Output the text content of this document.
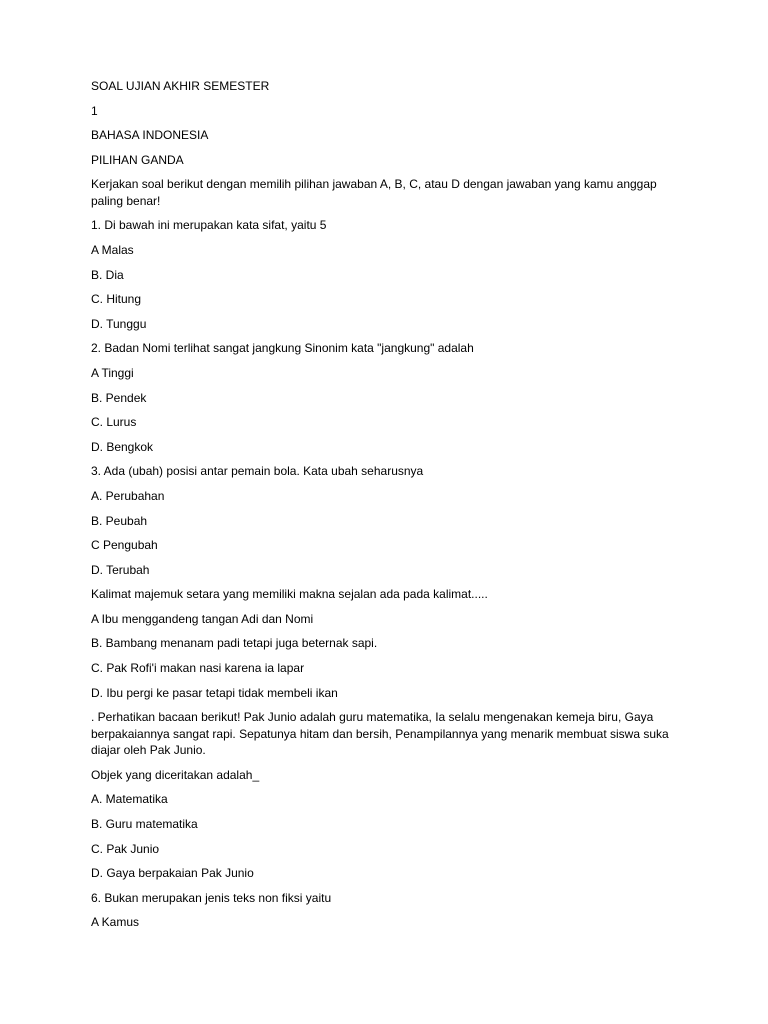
SOAL UJIAN AKHIR SEMESTER
1
BAHASA INDONESIA
PILIHAN GANDA
Kerjakan soal berikut dengan memilih pilihan jawaban A, B, C, atau D dengan jawaban yang kamu anggap paling benar!
1. Di bawah ini merupakan kata sifat, yaitu 5
A Malas
B. Dia
C. Hitung
D. Tunggu
2. Badan Nomi terlihat sangat jangkung Sinonim kata "jangkung" adalah
A Tinggi
B. Pendek
C. Lurus
D. Bengkok
3. Ada (ubah) posisi antar pemain bola. Kata ubah seharusnya
A. Perubahan
B. Peubah
C Pengubah
D. Terubah
Kalimat majemuk setara yang memiliki makna sejalan ada pada kalimat.....
A Ibu menggandeng tangan Adi dan Nomi
B. Bambang menanam padi tetapi juga beternak sapi.
C. Pak Rofi'i makan nasi karena ia lapar
D. Ibu pergi ke pasar tetapi tidak membeli ikan
. Perhatikan bacaan berikut! Pak Junio adalah guru matematika, Ia selalu mengenakan kemeja biru, Gaya berpakaiannya sangat rapi. Sepatunya hitam dan bersih, Penampilannya yang menarik membuat siswa suka diajar oleh Pak Junio.
Objek yang diceritakan adalah_
A. Matematika
B. Guru matematika
C. Pak Junio
D. Gaya berpakaian Pak Junio
6. Bukan merupakan jenis teks non fiksi yaitu
A Kamus
